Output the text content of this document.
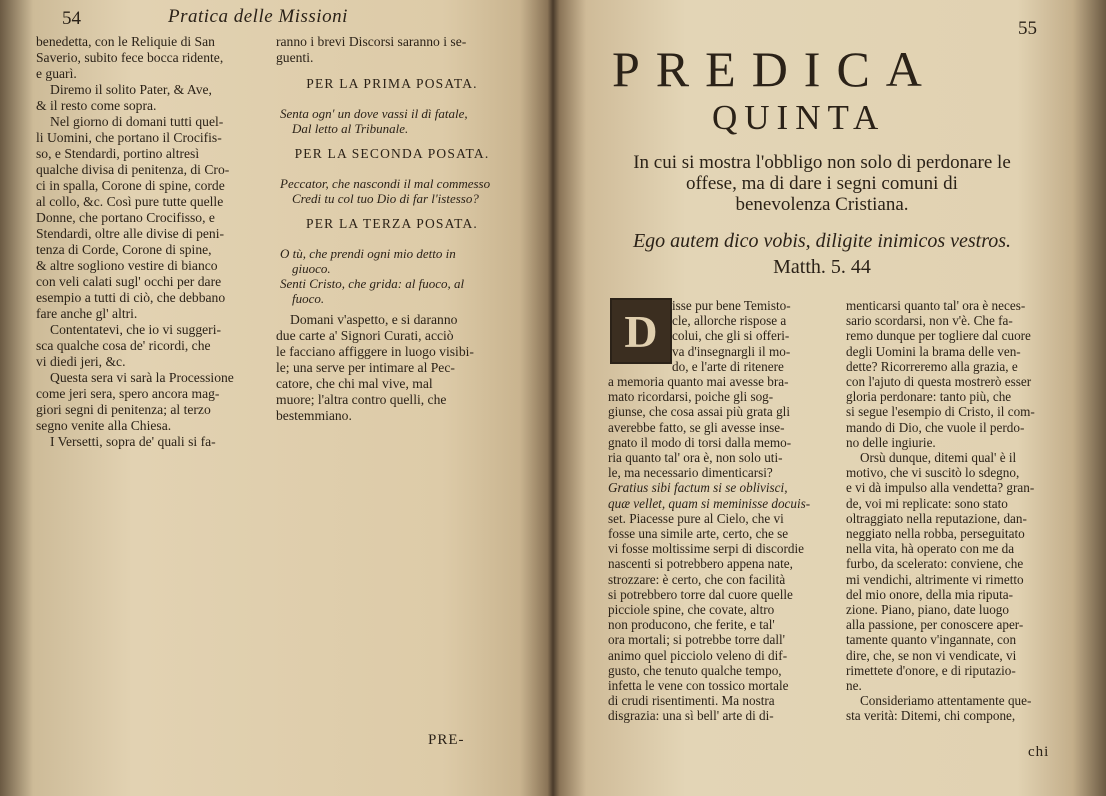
54	Pratica delle Missioni
benedetta, con le Reliquie di San
Saverio, subito fece bocca ridente,
e guarì.
Diremo il solito Pater, & Ave,
& il resto come sopra.
Nel giorno di domani tutti quel-
li Uomini, che portano il Crocifis-
so, e Stendardi, portino altresì
qualche divisa di penitenza, di Cro-
ci in spalla, Corone di spine, corde
al collo, &c. Così pure tutte quelle
Donne, che portano Crocifisso, e
Stendardi, oltre alle divise di peni-
tenza di Corde, Corone di spine,
& altre sogliono vestire di bianco
con veli calati sugl' occhi per dare
esempio a tutti di ciò, che debbano
fare anche gl' altri.
Contentatevi, che io vi suggeri-
sca qualche cosa de' ricordi, che
vi diedi jeri, &c.
Questa sera vi sarà la Processione
come jeri sera, spero ancora mag-
giori segni di penitenza; al terzo
segno venite alla Chiesa.
I Versetti, sopra de' quali si fa-
ranno i brevi Discorsi saranno i se-
guenti.
PER LA PRIMA POSATA.
Senta ogn' un dove vassi il dì fatale,
Dal letto al Tribunale.
PER LA SECONDA POSATA.
Peccator, che nascondi il mal commesso
Credi tu col tuo Dio di far l'istesso?
PER LA TERZA POSATA.
O tù, che prendi ogni mio detto in
giuoco.
Senti Cristo, che grida: al fuoco, al
fuoco.
Domani v'aspetto, e si daranno
due carte a' Signori Curati, acciò
le facciano affiggere in luogo visibi-
le; una serve per intimare al Pec-
catore, che chi mal vive, mal
muore; l'altra contro quelli, che
bestemmiano.
PRE-
55
PREDICA
QUINTA
In cui si mostra l'obbligo non solo di perdonare le
offese, ma di dare i segni comuni di
benevolenza Cristiana.
Ego autem dico vobis, diligite inimicos vestros.
Matth. 5. 44
D	isse pur bene Temisto-
cle, allorche rispose a
colui, che gli si offeri-
va d'insegnargli il mo-
do, e l'arte di ritenere
a memoria quanto mai avesse bra-
mato ricordarsi, poiche gli sog-
giunse, che cosa assai più grata gli
averebbe fatto, se gli avesse inse-
gnato il modo di torsi dalla memo-
ria quanto tal' ora è, non solo uti-
le, ma necessario dimenticarsi?
Gratius sibi factum si se oblivisci,
quæ vellet, quam si meminisse docuis-
set. Piacesse pure al Cielo, che vi
fosse una simile arte, certo, che se
vi fosse moltissime serpi di discordie
nascenti si potrebbero appena nate,
strozzare: è certo, che con facilità
si potrebbero torre dal cuore quelle
picciole spine, che covate, altro
non producono, che ferite, e tal'
ora mortali; si potrebbe torre dall'
animo quel picciolo veleno di dif-
gusto, che tenuto qualche tempo,
infetta le vene con tossico mortale
di crudi risentimenti. Ma nostra
disgrazia: una sì bell' arte di di-
menticarsi quanto tal' ora è neces-
sario scordarsi, non v'è. Che fa-
remo dunque per togliere dal cuore
degli Uomini la brama delle ven-
dette? Ricorreremo alla grazia, e
con l'ajuto di questa mostrerò esser
gloria perdonare: tanto più, che
si segue l'esempio di Cristo, il com-
mando di Dio, che vuole il perdo-
no delle ingiurie.
Orsù dunque, ditemi qual' è il
motivo, che vi suscitò lo sdegno,
e vi dà impulso alla vendetta? gran-
de, voi mi replicate: sono stato
oltraggiato nella reputazione, dan-
neggiato nella robba, perseguitato
nella vita, hà operato con me da
furbo, da scelerato: conviene, che
mi vendichi, altrimente vi rimetto
del mio onore, della mia riputa-
zione. Piano, piano, date luogo
alla passione, per conoscere aper-
tamente quanto v'ingannate, con
dire, che, se non vi vendicate, vi
rimettete d'onore, e di riputazio-
ne.
Consideriamo attentamente que-
sta verità: Ditemi, chi compone,
chi
